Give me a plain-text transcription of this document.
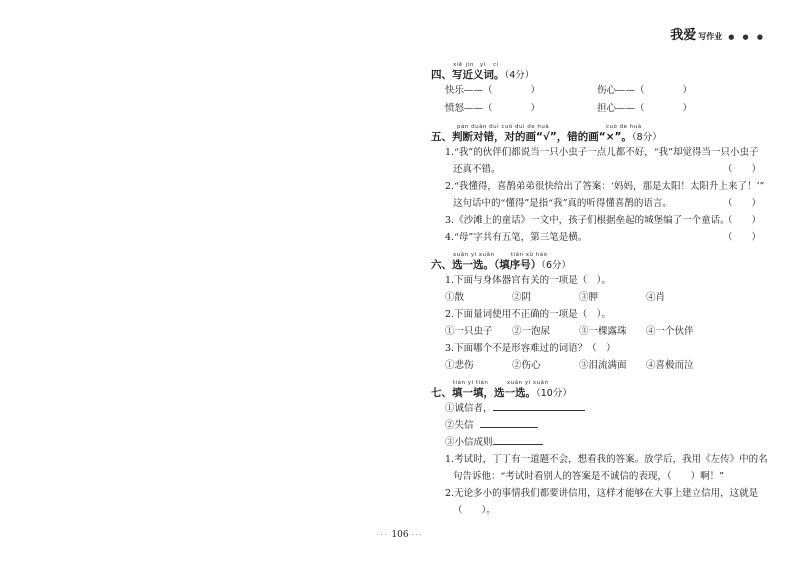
我爱 写作业 ● ● ●
xiě jìn yì cí
四、写近义词。（4分）
快乐——（　　　　）	伤心——（　　　　）
愤怒——（　　　　）	担心——（　　　　）
pàn duàn duì cuò duì de huà	cuò de huà
五、判断对错，对的画“√”，错的画“×”。（8分）
1.“我”的伙伴们都说当一只小虫子一点儿都不好，“我”却觉得当一只小虫子
还真不错。	（　　）
2.“我懂得，喜鹊弟弟很快给出了答案：‘妈妈，那是太阳！太阳升上来了！’”
这句话中的“懂得”是指“我”真的听得懂喜鹊的语言。	（　　）
3.《沙滩上的童话》一文中，孩子们根据垒起的城堡编了一个童话。
（　　）
4.“母”字共有五笔，第三笔是横。	（　　）
xuǎn yi xuǎn	tián xù hào
六、选一选。（填序号）（6分）
1.下面与身体器官有关的一项是（　）。
①散	②阴	③胛	④肖
2.下面量词使用不正确的一项是（　）。
①一只虫子	②一泡尿	③一棵露珠	④一个伙伴
3.下面哪个不是形容难过的词语？（　）
①悲伤	②伤心	③泪流满面	④喜极而泣
tián yi tián	xuǎn yi xuǎn
七、填一填，选一选。（10分）
①诚信者，
②失信
③小信成则
1.考试时，丁丁有一道题不会，想看我的答案。放学后，我用《左传》中的名
句告诉他：“考试时看别人的答案是不诚信的表现，（　　）啊！”
2.无论多小的事情我们都要讲信用，这样才能够在大事上建立信用，这就是
（　　）。
··· 106 ···
